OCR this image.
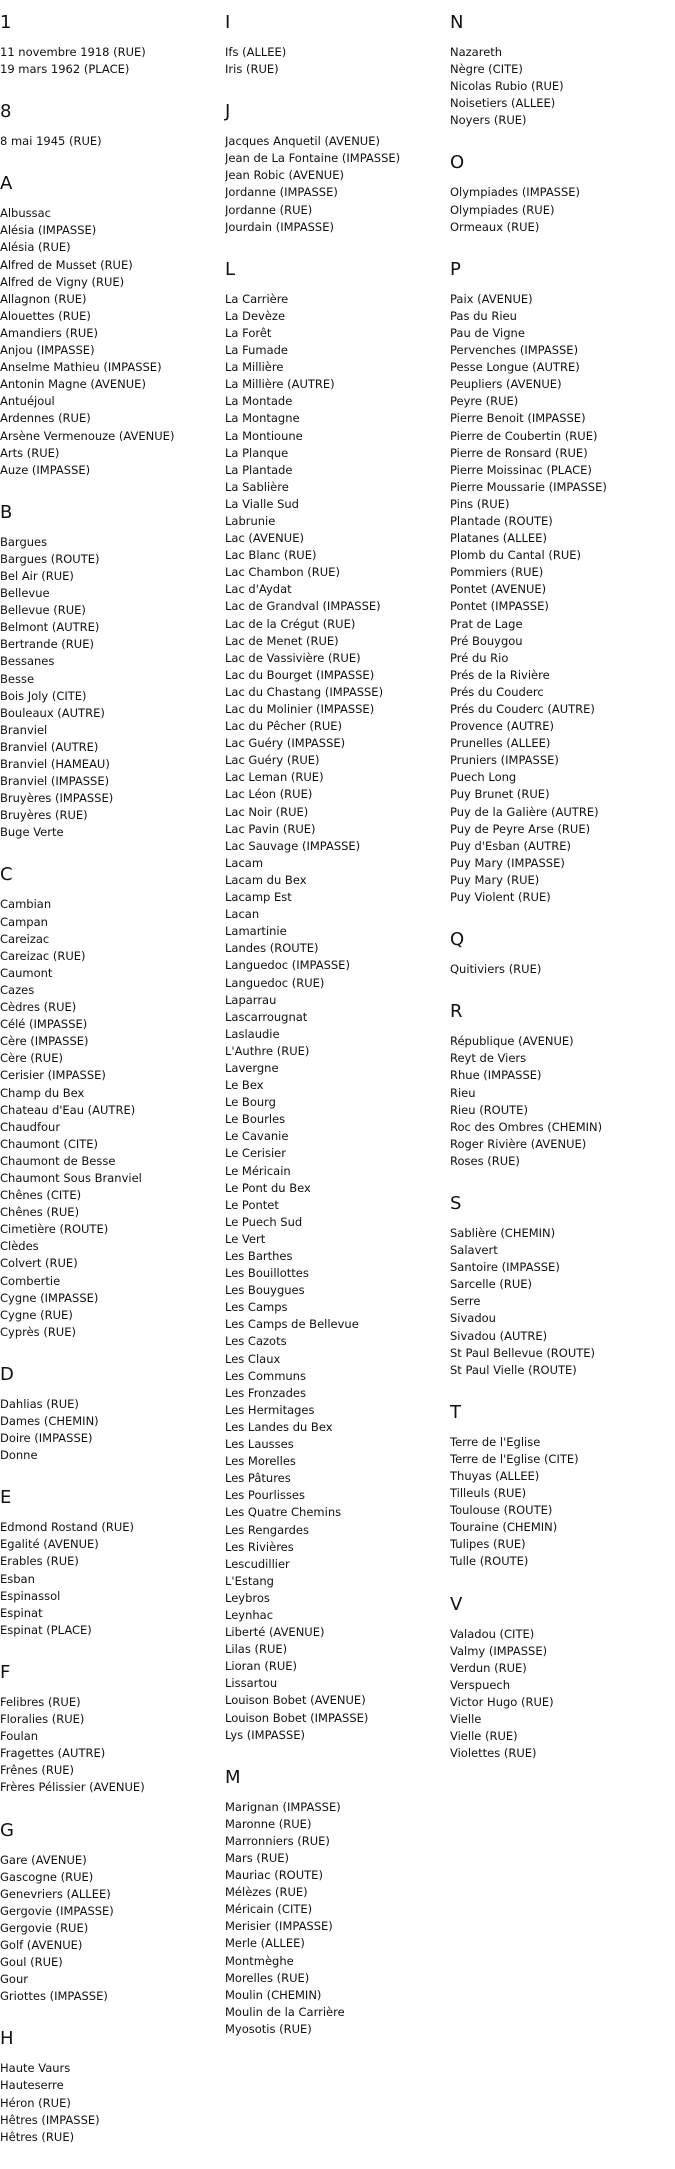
1
11 novembre 1918 (RUE)
19 mars 1962 (PLACE)
8
8 mai 1945 (RUE)
A
Albussac
Alésia (IMPASSE)
Alésia (RUE)
Alfred de Musset (RUE)
Alfred de Vigny (RUE)
Allagnon (RUE)
Alouettes (RUE)
Amandiers (RUE)
Anjou (IMPASSE)
Anselme Mathieu (IMPASSE)
Antonin Magne (AVENUE)
Antuéjoul
Ardennes (RUE)
Arsène Vermenouze (AVENUE)
Arts (RUE)
Auze (IMPASSE)
B
Bargues
Bargues (ROUTE)
Bel Air (RUE)
Bellevue
Bellevue (RUE)
Belmont (AUTRE)
Bertrande (RUE)
Bessanes
Besse
Bois Joly (CITE)
Bouleaux (AUTRE)
Branviel
Branviel (AUTRE)
Branviel (HAMEAU)
Branviel (IMPASSE)
Bruyères (IMPASSE)
Bruyères (RUE)
Buge Verte
C
Cambian
Campan
Careizac
Careizac (RUE)
Caumont
Cazes
Cèdres (RUE)
Célé (IMPASSE)
Cère (IMPASSE)
Cère (RUE)
Cerisier (IMPASSE)
Champ du Bex
Chateau d'Eau (AUTRE)
Chaudfour
Chaumont (CITE)
Chaumont de Besse
Chaumont Sous Branviel
Chênes (CITE)
Chênes (RUE)
Cimetière (ROUTE)
Clèdes
Colvert (RUE)
Combertie
Cygne (IMPASSE)
Cygne (RUE)
Cyprès (RUE)
D
Dahlias (RUE)
Dames (CHEMIN)
Doire (IMPASSE)
Donne
E
Edmond Rostand (RUE)
Egalité (AVENUE)
Erables (RUE)
Esban
Espinassol
Espinat
Espinat (PLACE)
F
Felibres (RUE)
Floralies (RUE)
Foulan
Fragettes (AUTRE)
Frênes (RUE)
Frères Pélissier (AVENUE)
G
Gare (AVENUE)
Gascogne (RUE)
Genevriers (ALLEE)
Gergovie (IMPASSE)
Gergovie (RUE)
Golf (AVENUE)
Goul (RUE)
Gour
Griottes (IMPASSE)
H
Haute Vaurs
Hauteserre
Héron (RUE)
Hêtres (IMPASSE)
Hêtres (RUE)
I
Ifs (ALLEE)
Iris (RUE)
J
Jacques Anquetil (AVENUE)
Jean de La Fontaine (IMPASSE)
Jean Robic (AVENUE)
Jordanne (IMPASSE)
Jordanne (RUE)
Jourdain (IMPASSE)
L
La Carrière
La Devèze
La Forêt
La Fumade
La Millière
La Millière (AUTRE)
La Montade
La Montagne
La Montioune
La Planque
La Plantade
La Sablière
La Vialle Sud
Labrunie
Lac (AVENUE)
Lac Blanc (RUE)
Lac Chambon (RUE)
Lac d'Aydat
Lac de Grandval (IMPASSE)
Lac de la Crégut (RUE)
Lac de Menet (RUE)
Lac de Vassivière (RUE)
Lac du Bourget (IMPASSE)
Lac du Chastang (IMPASSE)
Lac du Molinier (IMPASSE)
Lac du Pêcher (RUE)
Lac Guéry (IMPASSE)
Lac Guéry (RUE)
Lac Leman (RUE)
Lac Léon (RUE)
Lac Noir (RUE)
Lac Pavin (RUE)
Lac Sauvage (IMPASSE)
Lacam
Lacam du Bex
Lacamp Est
Lacan
Lamartinie
Landes (ROUTE)
Languedoc (IMPASSE)
Languedoc (RUE)
Laparrau
Lascarrougnat
Laslaudie
L'Authre (RUE)
Lavergne
Le Bex
Le Bourg
Le Bourles
Le Cavanie
Le Cerisier
Le Méricain
Le Pont du Bex
Le Pontet
Le Puech Sud
Le Vert
Les Barthes
Les Bouillottes
Les Bouygues
Les Camps
Les Camps de Bellevue
Les Cazots
Les Claux
Les Communs
Les Fronzades
Les Hermitages
Les Landes du Bex
Les Lausses
Les Morelles
Les Pâtures
Les Pourlisses
Les Quatre Chemins
Les Rengardes
Les Rivières
Lescudillier
L'Estang
Leybros
Leynhac
Liberté (AVENUE)
Lilas (RUE)
Lioran (RUE)
Lissartou
Louison Bobet (AVENUE)
Louison Bobet (IMPASSE)
Lys (IMPASSE)
M
Marignan (IMPASSE)
Maronne (RUE)
Marronniers (RUE)
Mars (RUE)
Mauriac (ROUTE)
Mélèzes (RUE)
Méricain (CITE)
Merisier (IMPASSE)
Merle (ALLEE)
Montmèghe
Morelles (RUE)
Moulin (CHEMIN)
Moulin de la Carrière
Myosotis (RUE)
N
Nazareth
Nègre (CITE)
Nicolas Rubio (RUE)
Noisetiers (ALLEE)
Noyers (RUE)
O
Olympiades (IMPASSE)
Olympiades (RUE)
Ormeaux (RUE)
P
Paix (AVENUE)
Pas du Rieu
Pau de Vigne
Pervenches (IMPASSE)
Pesse Longue (AUTRE)
Peupliers (AVENUE)
Peyre (RUE)
Pierre Benoit (IMPASSE)
Pierre de Coubertin (RUE)
Pierre de Ronsard (RUE)
Pierre Moissinac (PLACE)
Pierre Moussarie (IMPASSE)
Pins (RUE)
Plantade (ROUTE)
Platanes (ALLEE)
Plomb du Cantal (RUE)
Pommiers (RUE)
Pontet (AVENUE)
Pontet (IMPASSE)
Prat de Lage
Pré Bouygou
Pré du Rio
Prés de la Rivière
Prés du Couderc
Prés du Couderc (AUTRE)
Provence (AUTRE)
Prunelles (ALLEE)
Pruniers (IMPASSE)
Puech Long
Puy Brunet (RUE)
Puy de la Galière (AUTRE)
Puy de Peyre Arse (RUE)
Puy d'Esban (AUTRE)
Puy Mary (IMPASSE)
Puy Mary (RUE)
Puy Violent (RUE)
Q
Quitiviers (RUE)
R
République (AVENUE)
Reyt de Viers
Rhue (IMPASSE)
Rieu
Rieu (ROUTE)
Roc des Ombres (CHEMIN)
Roger Rivière (AVENUE)
Roses (RUE)
S
Sablière (CHEMIN)
Salavert
Santoire (IMPASSE)
Sarcelle (RUE)
Serre
Sivadou
Sivadou (AUTRE)
St Paul Bellevue (ROUTE)
St Paul Vielle (ROUTE)
T
Terre de l'Eglise
Terre de l'Eglise (CITE)
Thuyas (ALLEE)
Tilleuls (RUE)
Toulouse (ROUTE)
Touraine (CHEMIN)
Tulipes (RUE)
Tulle (ROUTE)
V
Valadou (CITE)
Valmy (IMPASSE)
Verdun (RUE)
Verspuech
Victor Hugo (RUE)
Vielle
Vielle (RUE)
Violettes (RUE)
